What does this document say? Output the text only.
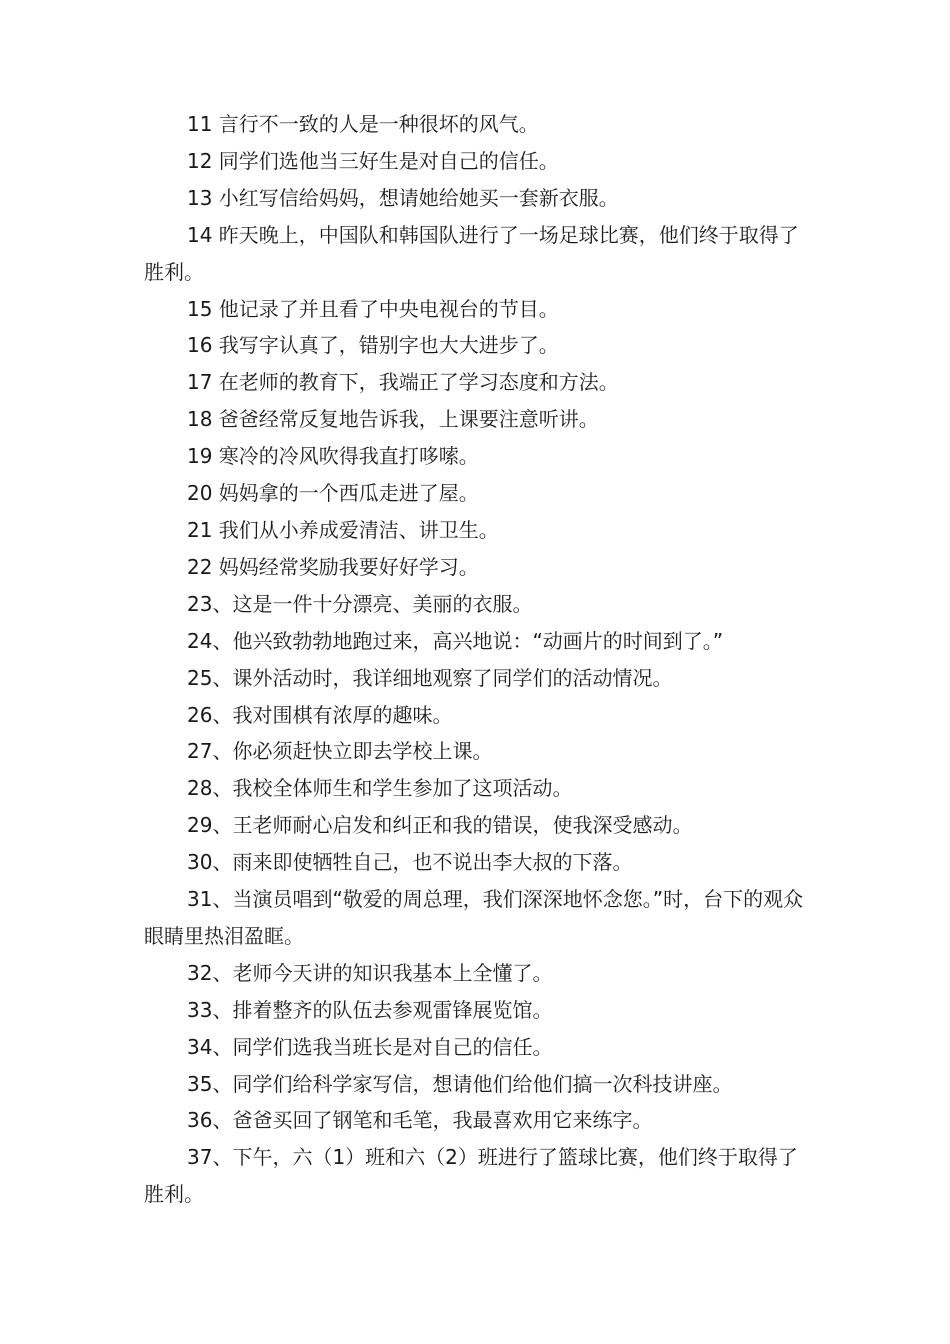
11 言行不一致的人是一种很坏的风气。

12 同学们选他当三好生是对自己的信任。

13 小红写信给妈妈，想请她给她买一套新衣服。

14 昨天晚上，中国队和韩国队进行了一场足球比赛，他们终于取得了胜利。

15 他记录了并且看了中央电视台的节目。

16 我写字认真了，错别字也大大进步了。

17 在老师的教育下，我端正了学习态度和方法。

18 爸爸经常反复地告诉我，上课要注意听讲。

19 寒冷的冷风吹得我直打哆嗦。

20 妈妈拿的一个西瓜走进了屋。

21 我们从小养成爱清洁、讲卫生。

22 妈妈经常奖励我要好好学习。

23、这是一件十分漂亮、美丽的衣服。

24、他兴致勃勃地跑过来，高兴地说：“动画片的时间到了。”

25、课外活动时，我详细地观察了同学们的活动情况。

26、我对围棋有浓厚的趣味。

27、你必须赶快立即去学校上课。

28、我校全体师生和学生参加了这项活动。

29、王老师耐心启发和纠正和我的错误，使我深受感动。

30、雨来即使牺牲自己，也不说出李大叔的下落。

31、当演员唱到“敬爱的周总理，我们深深地怀念您。”时，台下的观众眼睛里热泪盈眶。

32、老师今天讲的知识我基本上全懂了。

33、排着整齐的队伍去参观雷锋展览馆。

34、同学们选我当班长是对自己的信任。

35、同学们给科学家写信，想请他们给他们搞一次科技讲座。

36、爸爸买回了钢笔和毛笔，我最喜欢用它来练字。

37、下午，六（1）班和六（2）班进行了篮球比赛，他们终于取得了胜利。
